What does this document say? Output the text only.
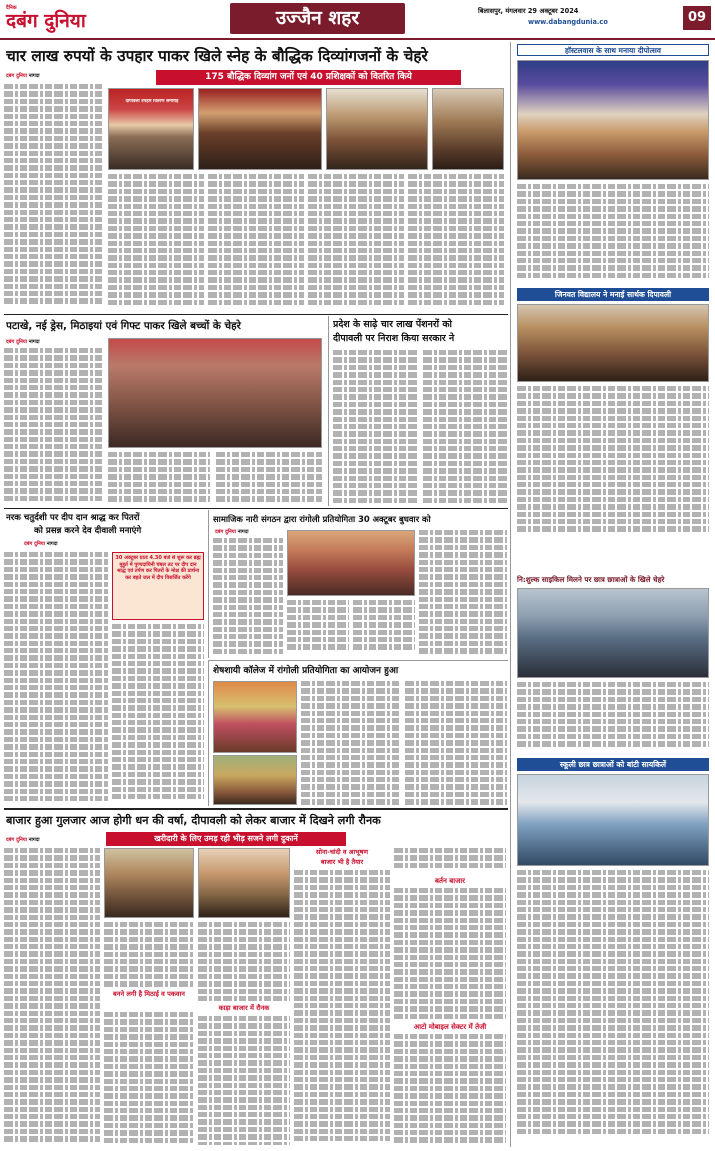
दैनिक
दबंग दुनिया	उज्जैन शहर	बिलासपुर, मंगलवार 29 अक्टूबर 2024
www.dabangdunia.co	09
चार लाख रुपयों के उपहार पाकर खिले स्नेह के बौद्धिक दिव्यांगजनों के चेहरे
175 बौद्धिक दिव्यांग जनों एवं 40 प्रशिक्षकों को वितरित किये
दबंग दुनिया नागदा
दीपावली उपहार वितरण समारोह
हॉस्टलवास के साथ मनाया दीपोत्सव
जिनवत विद्यालय ने मनाई सार्थक दिपावली
नि:शुल्क साइकिल मिलने पर छात्र छात्राओं के खिले चेहरे
स्कूली छात्र छात्राओं को बांटी सायकिलें
पटाखे, नई ड्रेस, मिठाइयां एवं गिफ्ट पाकर खिले बच्चों के चेहरे
दबंग दुनिया नागदा
प्रदेश के साढ़े चार लाख पेंशनरों को
दीपावली पर निराश किया सरकार ने
नरक चतुर्दशी पर दीप दान श्राद्ध कर पितरों
को प्रसन्न करने देव दीवाली मनाएंगे
दबंग दुनिया नागदा
30 अक्टूबर प्रातः 4.30 बजे से शुरू कर ब्रह्म मुहूर्त में पुण्यदायिनी चंबल तट पर दीप दान श्राद्ध एवं तर्पण कर पितरों के मोक्ष की प्रार्थना कर बहते जल में दीप विसर्जित करेंगे
सामाजिक नारी संगठन द्वारा रांगोली प्रतियोगिता 30 अक्टूबर बुधवार को
दबंग दुनिया नागदा
शेषशायी कॉलेज में रांगोली प्रतियोगिता का आयोजन हुआ
बाजार हुआ गुलजार आज होगी धन की वर्षा, दीपावली को लेकर बाजार में दिखने लगी रौनक
खरीदारी के लिए उमड़ रही भीड़ सजने लगी दुकानें
दबंग दुनिया नागदा
बनने लगी है मिठाई व पकवान
काड़ा बाजार में रौनक
सोना-चांदी व आभूषण
बाजार भी है तैयार
बर्तन बाजार
आटो मोबाइल सेक्टर में तेजी
